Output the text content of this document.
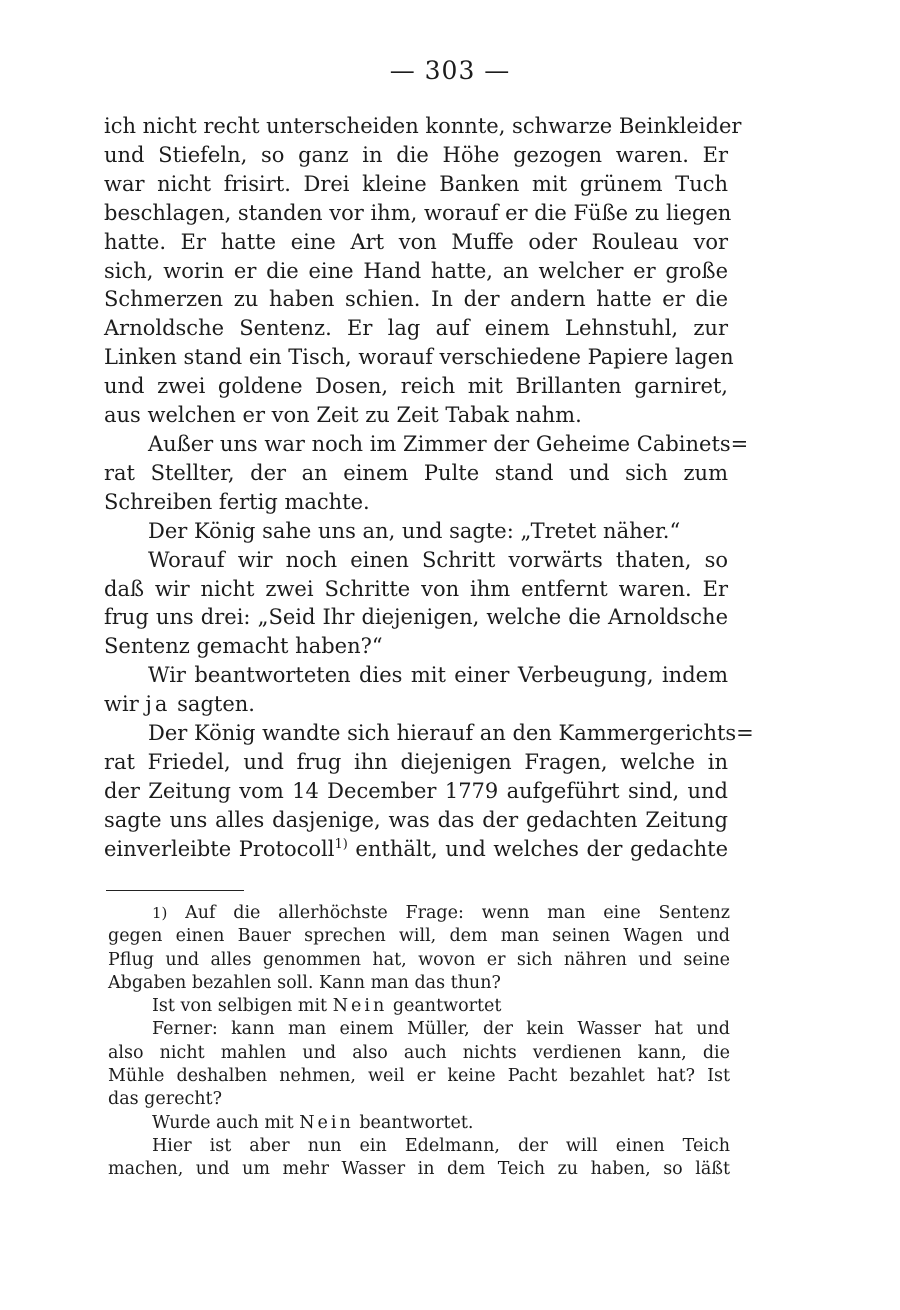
— 303 —
ich nicht recht unterscheiden konnte, schwarze Beinkleider
und Stiefeln, so ganz in die Höhe gezogen waren. Er
war nicht frisirt. Drei kleine Banken mit grünem Tuch
beschlagen, standen vor ihm, worauf er die Füße zu liegen
hatte. Er hatte eine Art von Muffe oder Rouleau vor
sich, worin er die eine Hand hatte, an welcher er große
Schmerzen zu haben schien. In der andern hatte er die
Arnoldsche Sentenz. Er lag auf einem Lehnstuhl, zur
Linken stand ein Tisch, worauf verschiedene Papiere lagen
und zwei goldene Dosen, reich mit Brillanten garniret,
aus welchen er von Zeit zu Zeit Tabak nahm.
Außer uns war noch im Zimmer der Geheime Cabinets=
rat Stellter, der an einem Pulte stand und sich zum
Schreiben fertig machte.
Der König sahe uns an, und sagte: „Tretet näher.“
Worauf wir noch einen Schritt vorwärts thaten, so
daß wir nicht zwei Schritte von ihm entfernt waren. Er
frug uns drei: „Seid Ihr diejenigen, welche die Arnoldsche
Sentenz gemacht haben?“
Wir beantworteten dies mit einer Verbeugung, indem
wir ja sagten.
Der König wandte sich hierauf an den Kammergerichts=
rat Friedel, und frug ihn diejenigen Fragen, welche in
der Zeitung vom 14 December 1779 aufgeführt sind, und
sagte uns alles dasjenige, was das der gedachten Zeitung
einverleibte Protocoll$^{1)}$ enthält, und welches der gedachte
1) Auf die allerhöchste Frage: wenn man eine Sentenz
gegen einen Bauer sprechen will, dem man seinen Wagen und
Pflug und alles genommen hat, wovon er sich nähren und seine
Abgaben bezahlen soll. Kann man das thun?
Ist von selbigen mit Nein geantwortet
Ferner: kann man einem Müller, der kein Wasser hat und
also nicht mahlen und also auch nichts verdienen kann, die
Mühle deshalben nehmen, weil er keine Pacht bezahlet hat? Ist
das gerecht?
Wurde auch mit Nein beantwortet.
Hier ist aber nun ein Edelmann, der will einen Teich
machen, und um mehr Wasser in dem Teich zu haben, so läßt
